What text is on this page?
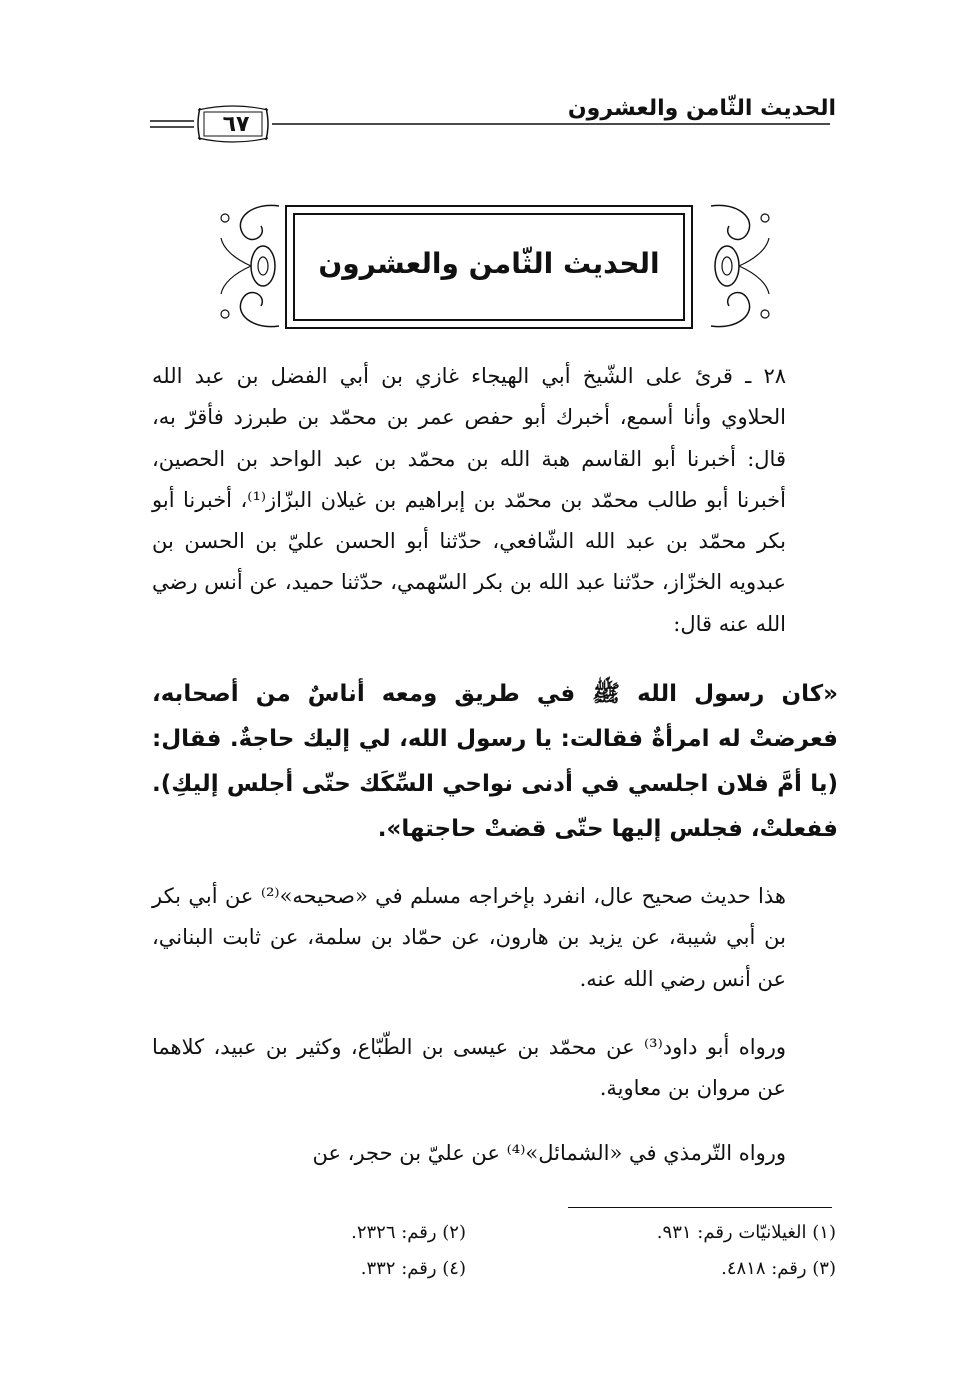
الحديث الثّامن والعشرون
٦٧
الحديث الثّامن والعشرون

٢٨ ـ قرئ على الشّيخ أبي الهيجاء غازي بن أبي الفضل بن عبد الله الحلاوي وأنا أسمع، أخبرك أبو حفص عمر بن محمّد بن طبرزد فأقرّ به، قال: أخبرنا أبو القاسم هبة الله بن محمّد بن عبد الواحد بن الحصين، أخبرنا أبو طالب محمّد بن محمّد بن إبراهيم بن غيلان البزّاز⁽¹⁾، أخبرنا أبو بكر محمّد بن عبد الله الشّافعي، حدّثنا أبو الحسن عليّ بن الحسن بن عبدويه الخزّاز، حدّثنا عبد الله بن بكر السّهمي، حدّثنا حميد، عن أنس رضي الله عنه قال:

«كان رسول الله ﷺ في طريق ومعه أناسٌ من أصحابه، فعرضتْ له امرأةٌ فقالت: يا رسول الله، لي إليك حاجةٌ. فقال: (يا أمَّ فلان اجلسي في أدنى نواحي السِّكَك حتّى أجلس إليكِ). ففعلتْ، فجلس إليها حتّى قضتْ حاجتها».

هذا حديث صحيح عال، انفرد بإخراجه مسلم في «صحيحه»⁽²⁾ عن أبي بكر بن أبي شيبة، عن يزيد بن هارون، عن حمّاد بن سلمة، عن ثابت البناني، عن أنس رضي الله عنه.

ورواه أبو داود⁽³⁾ عن محمّد بن عيسى بن الطّبّاع، وكثير بن عبيد، كلاهما عن مروان بن معاوية.

ورواه التّرمذي في «الشمائل»⁽⁴⁾ عن عليّ بن حجر، عن

(١) الغيلانيّات رقم: ٩٣١.
(٢) رقم: ٢٣٢٦.
(٣) رقم: ٤٨١٨.
(٤) رقم: ٣٣٢.
